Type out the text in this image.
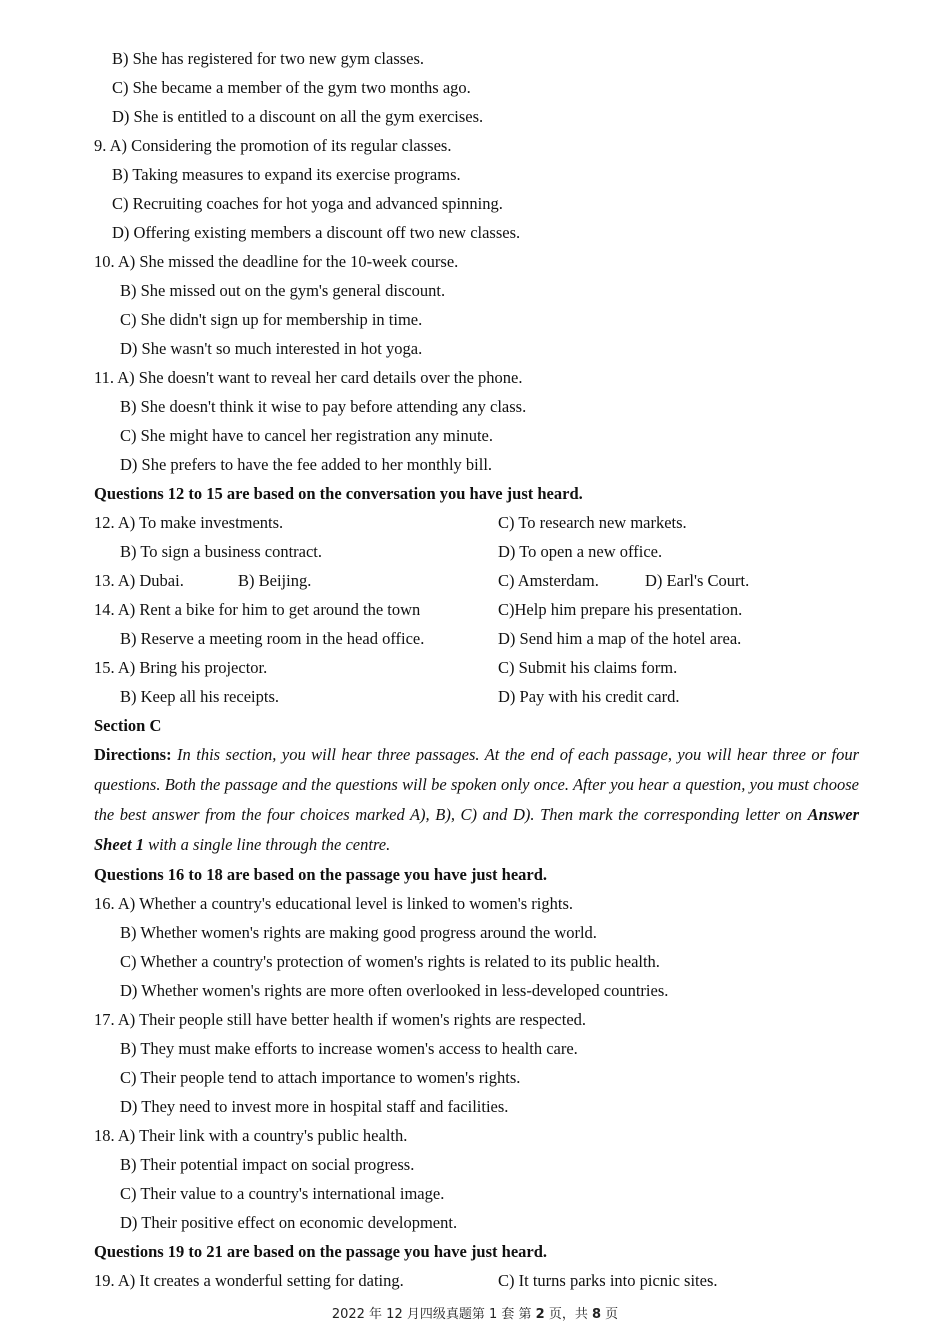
B) She has registered for two new gym classes.
C) She became a member of the gym two months ago.
D) She is entitled to a discount on all the gym exercises.
9. A) Considering the promotion of its regular classes.
B) Taking measures to expand its exercise programs.
C) Recruiting coaches for hot yoga and advanced spinning.
D) Offering existing members a discount off two new classes.
10. A) She missed the deadline for the 10-week course.
B) She missed out on the gym's general discount.
C) She didn't sign up for membership in time.
D) She wasn't so much interested in hot yoga.
11. A) She doesn't want to reveal her card details over the phone.
B) She doesn't think it wise to pay before attending any class.
C) She might have to cancel her registration any minute.
D) She prefers to have the fee added to her monthly bill.
Questions 12 to 15 are based on the conversation you have just heard.
12. A) To make investments.	C) To research new markets.
B) To sign a business contract.	D) To open a new office.
13. A) Dubai.	B) Beijing.	C) Amsterdam.	D) Earl's Court.
14. A) Rent a bike for him to get around the town	C)Help him prepare his presentation.
B) Reserve a meeting room in the head office.	D) Send him a map of the hotel area.
15. A) Bring his projector.	C) Submit his claims form.
B) Keep all his receipts.	D) Pay with his credit card.
Section C
Directions: In this section, you will hear three passages. At the end of each passage, you will hear three or four questions. Both the passage and the questions will be spoken only once. After you hear a question, you must choose the best answer from the four choices marked A), B), C) and D). Then mark the corresponding letter on Answer Sheet 1 with a single line through the centre.
Questions 16 to 18 are based on the passage you have just heard.
16. A) Whether a country's educational level is linked to women's rights.
B) Whether women's rights are making good progress around the world.
C) Whether a country's protection of women's rights is related to its public health.
D) Whether women's rights are more often overlooked in less-developed countries.
17. A) Their people still have better health if women's rights are respected.
B) They must make efforts to increase women's access to health care.
C) Their people tend to attach importance to women's rights.
D) They need to invest more in hospital staff and facilities.
18. A) Their link with a country's public health.
B) Their potential impact on social progress.
C) Their value to a country's international image.
D) Their positive effect on economic development.
Questions 19 to 21 are based on the passage you have just heard.
19. A) It creates a wonderful setting for dating.	C) It turns parks into picnic sites.
2022 年 12 月四级真题第 1 套 第 2 页，共 8 页
